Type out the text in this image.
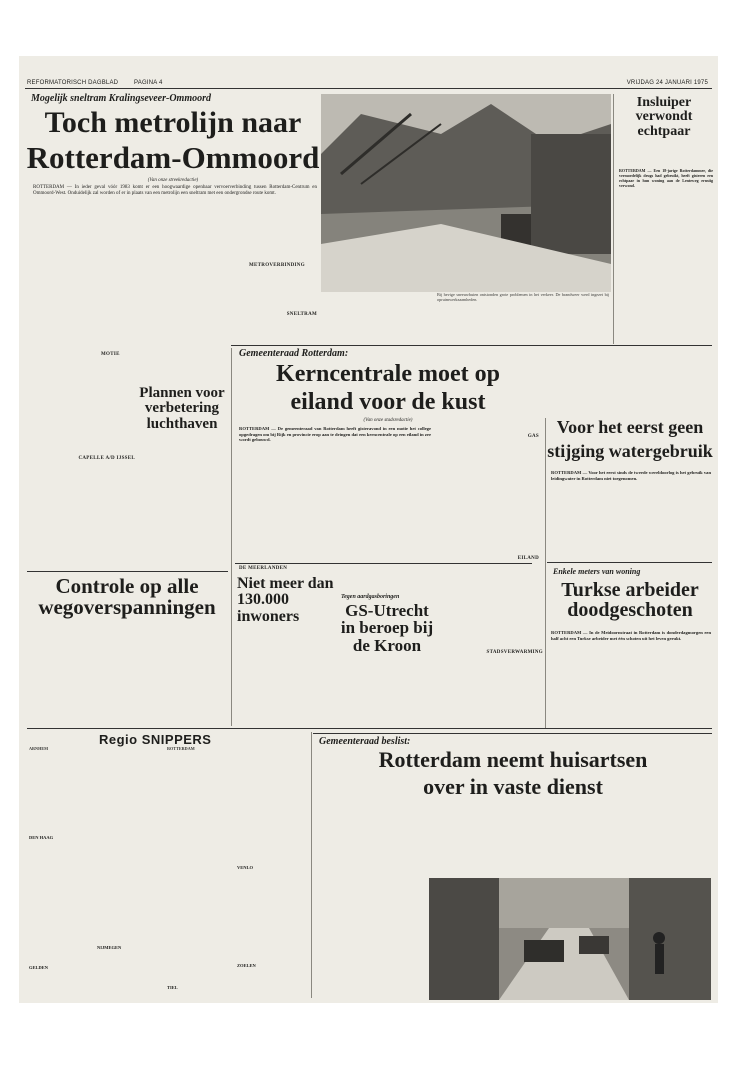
REFORMATORISCH DAGBLAD	PAGINA 4	VRIJDAG 24 JANUARI 1975
Mogelijk sneltram Kralingseveer-Ommoord
Toch metrolijn naar
Rotterdam-Ommoord
(Van onze streekredactie)
ROTTERDAM — In ieder geval vóór 1983 komt er een hoogwaardige openbaar vervoerverbinding tussen Rotterdam-Centrum en Ommoord-West. Onduidelijk zal worden of er in plaats van een metrolijn een sneltram met een ondergrondse route komt.
MOTIE
CAPELLE A/D IJSSEL
SNELTRAM
METROVERBINDING
Plannen voor
verbetering
luchthaven
Bij hevige sneeuwbuien ontstonden grote problemen in het verkeer. De brandweer werd ingezet bij opruimwerkzaamheden.
Insluiper
verwondt
echtpaar
ROTTERDAM — Een 18-jarige Rotterdammer, die vermoedelijk drugs had gebruikt, heeft gisteren een echtpaar in hun woning aan de Lenteweg ernstig verwond.
Gemeenteraad Rotterdam:
Kerncentrale moet op
eiland voor de kust
(Van onze stadsredactie)
ROTTERDAM — De gemeenteraad van Rotterdam heeft gisteravond in een motie het college opgedragen om bij Rijk en provincie erop aan te dringen dat een kerncentrale op een eiland in zee wordt gebouwd.
GAS
EILAND
Voor het eerst geen
stijging watergebruik
ROTTERDAM — Voor het eerst sinds de tweede wereldoorlog is het gebruik van leidingwater in Rotterdam niet toegenomen.
DE MEERLANDEN
Niet meer dan
130.000 inwoners
Tegen aardgasboringen
GS-Utrecht
in beroep bij
de Kroon
Enkele meters van woning
Turkse arbeider
doodgeschoten
ROTTERDAM — In de Meidoornstraat in Rotterdam is donderdagmorgen een half acht een Turkse arbeider met één schoten uit het leven gerukt.
STADSVERWARMING
Controle op alle
wegoverspanningen
Regio SNIPPERS
ARNHEM
DEN HAAG
GELDEN
NIJMEGEN
ROTTERDAM
TIEL
VENLO
ZOELEN
Gemeenteraad beslist:
Rotterdam neemt huisartsen
over in vaste dienst
